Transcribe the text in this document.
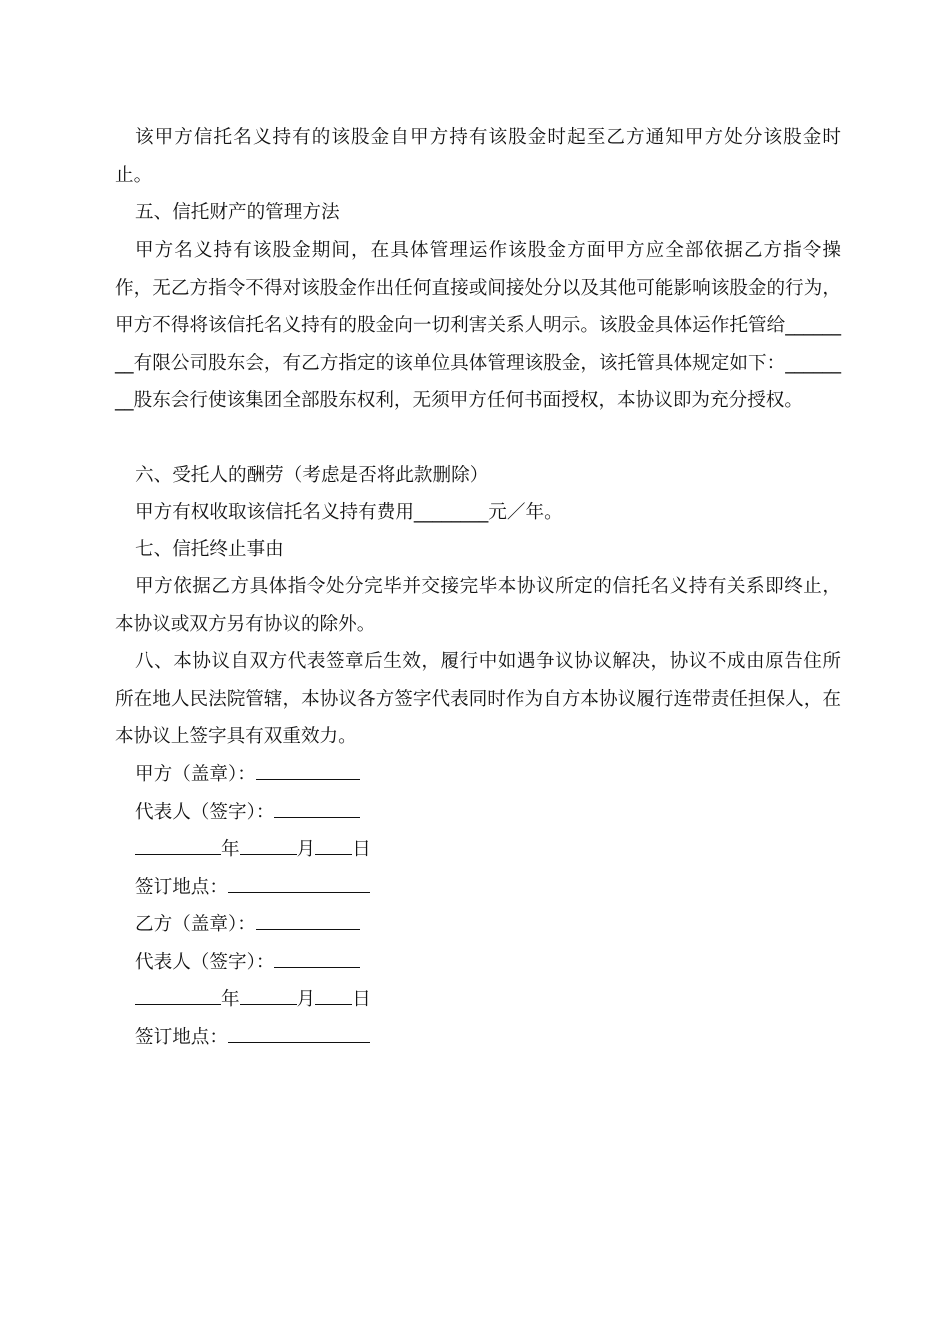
该甲方信托名义持有的该股金自甲方持有该股金时起至乙方通知甲方处分该股金时止。

五、信托财产的管理方法

甲方名义持有该股金期间，在具体管理运作该股金方面甲方应全部依据乙方指令操作，无乙方指令不得对该股金作出任何直接或间接处分以及其他可能影响该股金的行为，甲方不得将该信托名义持有的股金向一切利害关系人明示。该股金具体运作托管给________有限公司股东会，有乙方指定的该单位具体管理该股金，该托管具体规定如下：________股东会行使该集团全部股东权利，无须甲方任何书面授权，本协议即为充分授权。

六、受托人的酬劳（考虑是否将此款删除）

甲方有权收取该信托名义持有费用________元／年。

七、信托终止事由

甲方依据乙方具体指令处分完毕并交接完毕本协议所定的信托名义持有关系即终止，本协议或双方另有协议的除外。

八、本协议自双方代表签章后生效，履行中如遇争议协议解决，协议不成由原告住所所在地人民法院管辖，本协议各方签字代表同时作为自方本协议履行连带责任担保人，在本协议上签字具有双重效力。

甲方（盖章）：

代表人（签字）：

年	月 日

签订地点：

乙方（盖章）：

代表人（签字）：

年	月 日

签订地点：
